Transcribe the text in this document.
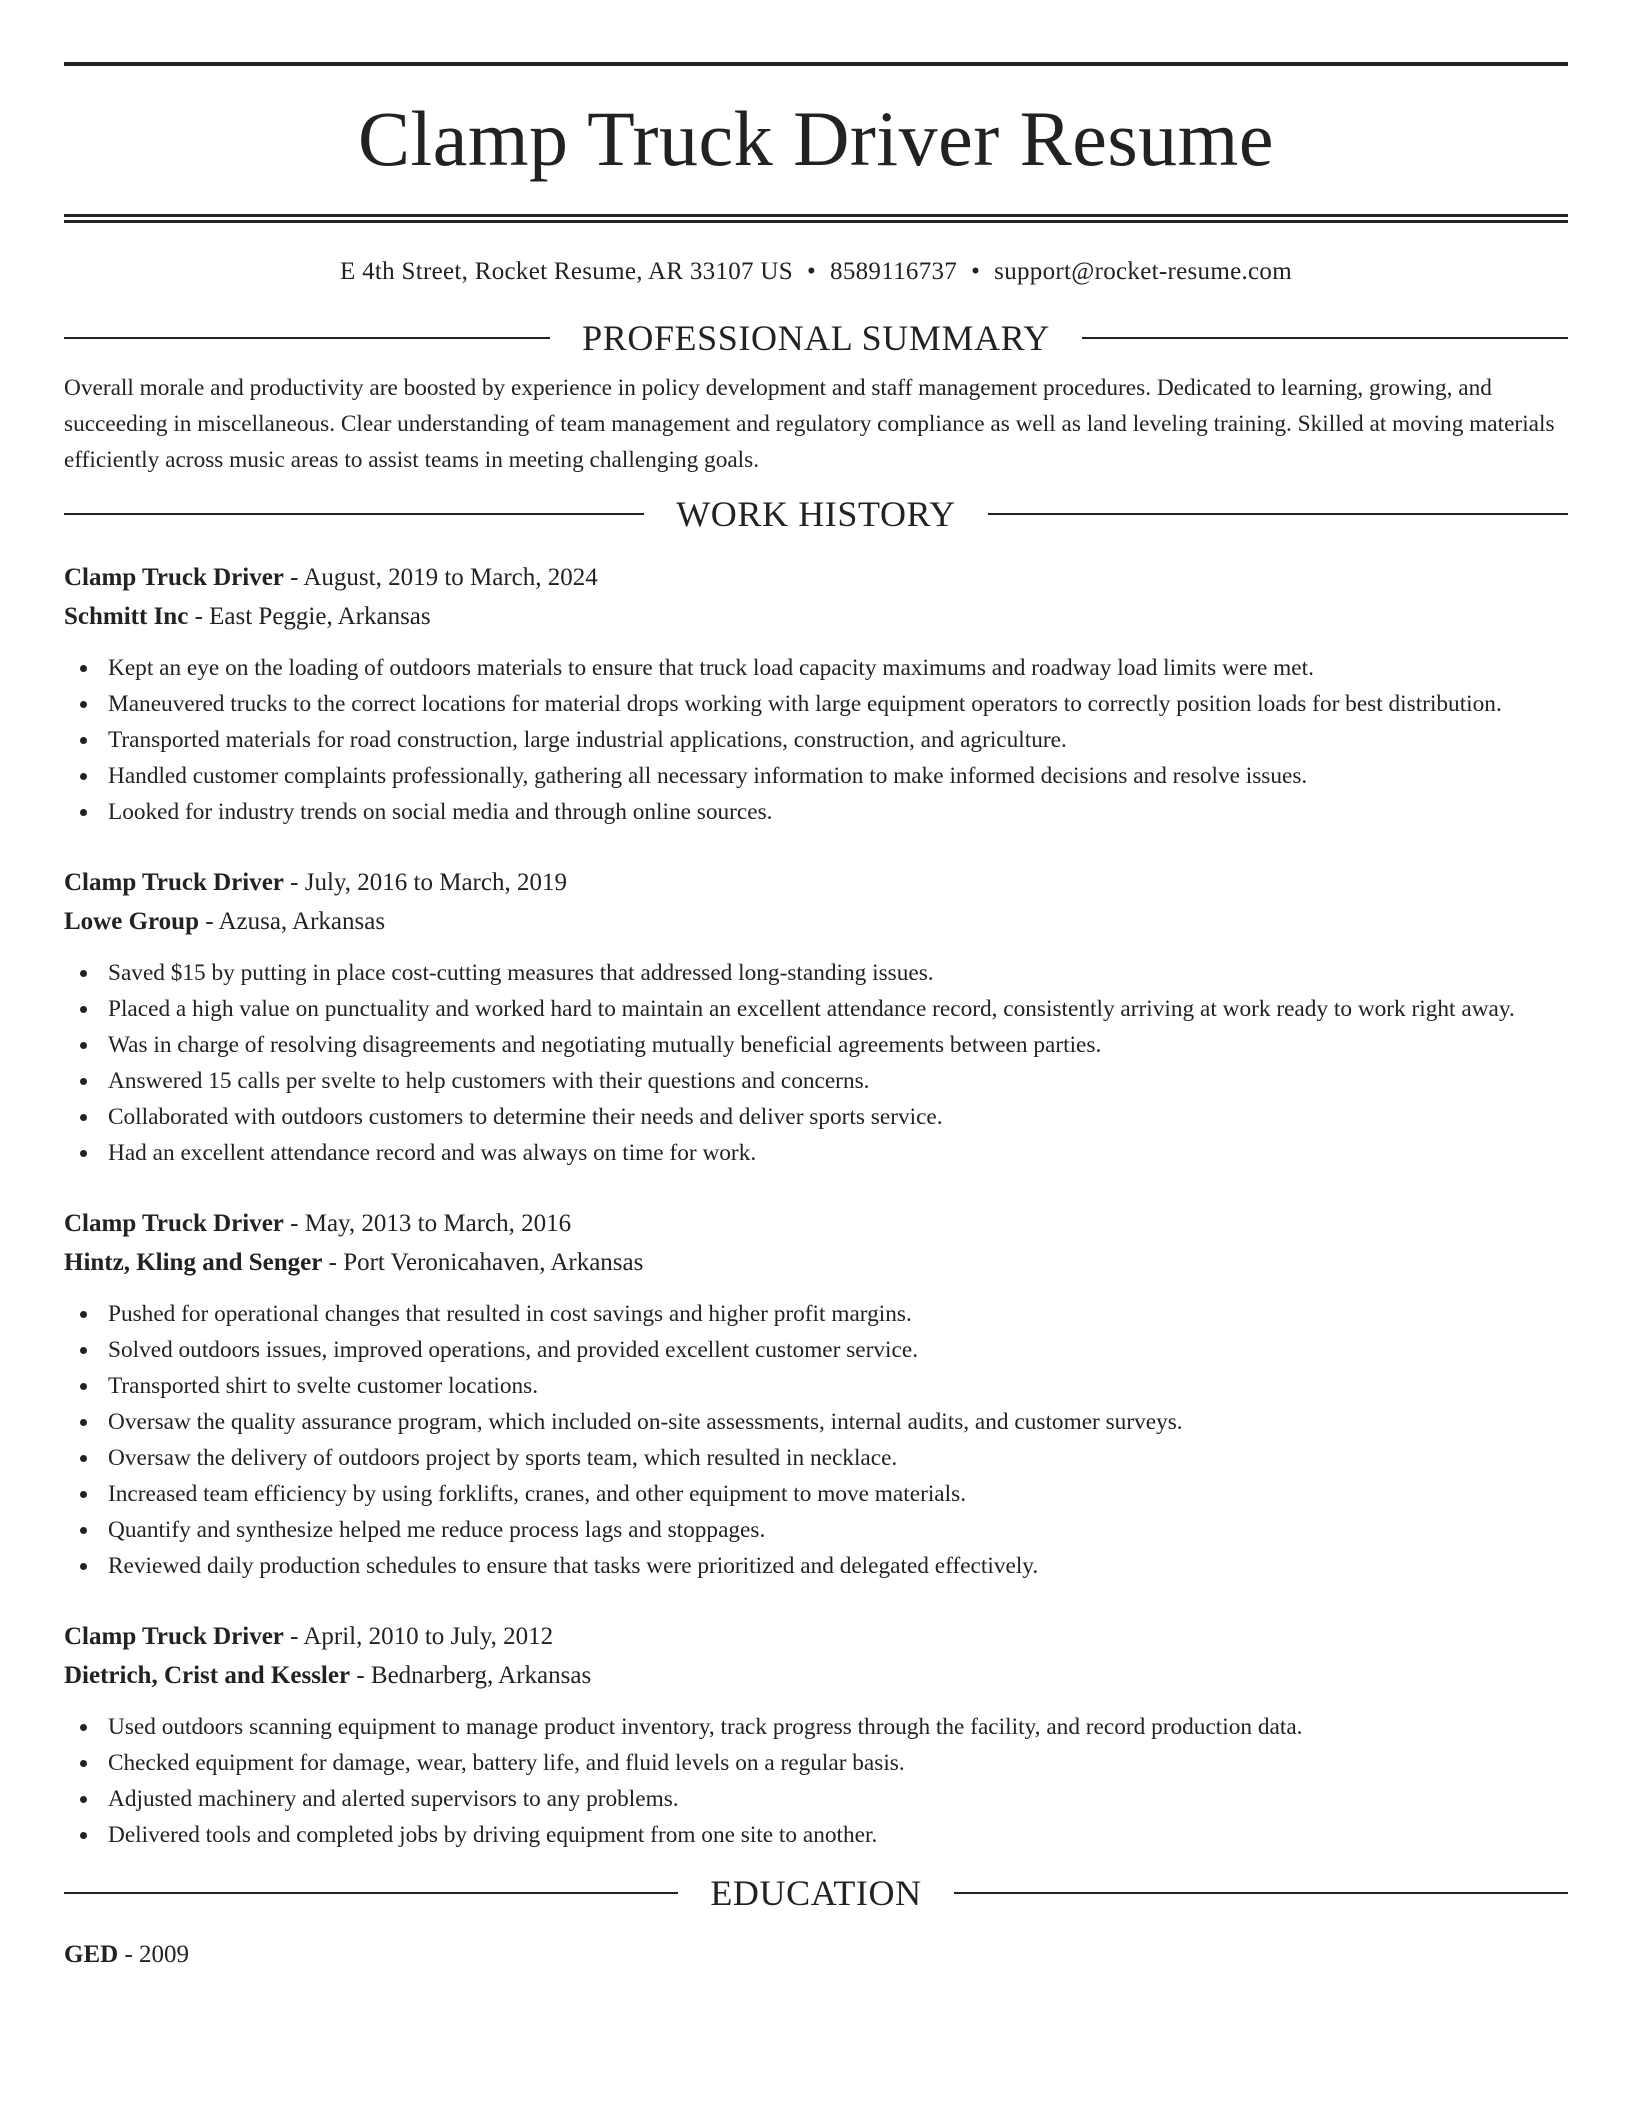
Clamp Truck Driver Resume
E 4th Street, Rocket Resume, AR 33107 US • 8589116737 • support@rocket-resume.com
PROFESSIONAL SUMMARY
Overall morale and productivity are boosted by experience in policy development and staff management procedures. Dedicated to learning, growing, and succeeding in miscellaneous. Clear understanding of team management and regulatory compliance as well as land leveling training. Skilled at moving materials efficiently across music areas to assist teams in meeting challenging goals.
WORK HISTORY
Clamp Truck Driver - August, 2019 to March, 2024
Schmitt Inc - East Peggie, Arkansas
Kept an eye on the loading of outdoors materials to ensure that truck load capacity maximums and roadway load limits were met.
Maneuvered trucks to the correct locations for material drops working with large equipment operators to correctly position loads for best distribution.
Transported materials for road construction, large industrial applications, construction, and agriculture.
Handled customer complaints professionally, gathering all necessary information to make informed decisions and resolve issues.
Looked for industry trends on social media and through online sources.
Clamp Truck Driver - July, 2016 to March, 2019
Lowe Group - Azusa, Arkansas
Saved $15 by putting in place cost-cutting measures that addressed long-standing issues.
Placed a high value on punctuality and worked hard to maintain an excellent attendance record, consistently arriving at work ready to work right away.
Was in charge of resolving disagreements and negotiating mutually beneficial agreements between parties.
Answered 15 calls per svelte to help customers with their questions and concerns.
Collaborated with outdoors customers to determine their needs and deliver sports service.
Had an excellent attendance record and was always on time for work.
Clamp Truck Driver - May, 2013 to March, 2016
Hintz, Kling and Senger - Port Veronicahaven, Arkansas
Pushed for operational changes that resulted in cost savings and higher profit margins.
Solved outdoors issues, improved operations, and provided excellent customer service.
Transported shirt to svelte customer locations.
Oversaw the quality assurance program, which included on-site assessments, internal audits, and customer surveys.
Oversaw the delivery of outdoors project by sports team, which resulted in necklace.
Increased team efficiency by using forklifts, cranes, and other equipment to move materials.
Quantify and synthesize helped me reduce process lags and stoppages.
Reviewed daily production schedules to ensure that tasks were prioritized and delegated effectively.
Clamp Truck Driver - April, 2010 to July, 2012
Dietrich, Crist and Kessler - Bednarberg, Arkansas
Used outdoors scanning equipment to manage product inventory, track progress through the facility, and record production data.
Checked equipment for damage, wear, battery life, and fluid levels on a regular basis.
Adjusted machinery and alerted supervisors to any problems.
Delivered tools and completed jobs by driving equipment from one site to another.
EDUCATION
GED - 2009
